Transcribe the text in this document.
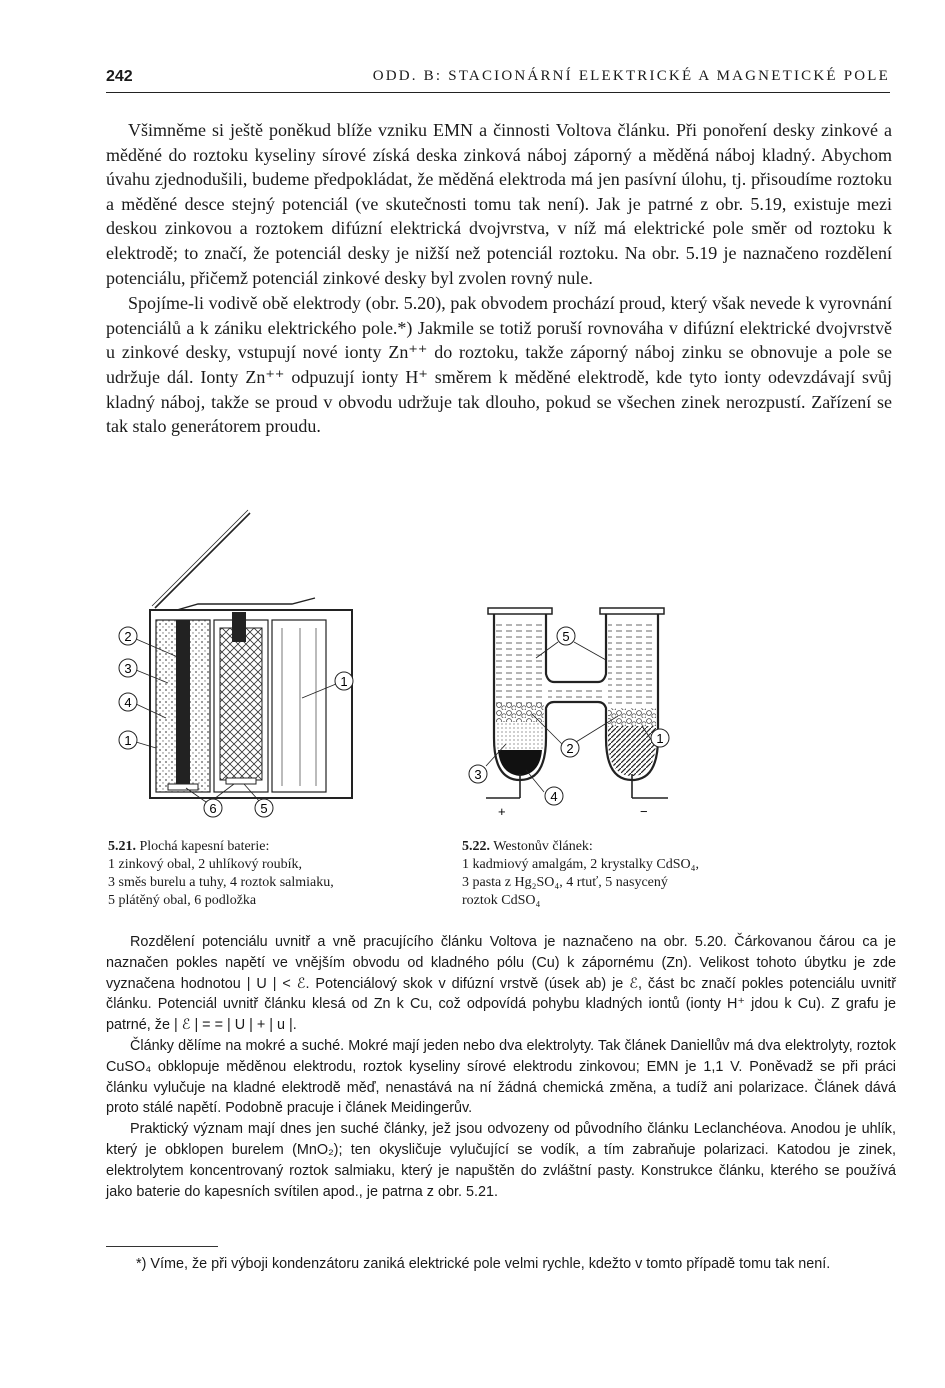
242	ODD. B: STACIONÁRNÍ ELEKTRICKÉ A MAGNETICKÉ POLE

Všimněme si ještě poněkud blíže vzniku EMN a činnosti Voltova článku. Při ponoření desky zinkové a měděné do roztoku kyseliny sírové získá deska zinková náboj záporný a měděná náboj kladný. Abychom úvahu zjednodušili, budeme předpokládat, že měděná elektroda má jen pasívní úlohu, tj. přisoudíme roztoku a měděné desce stejný potenciál (ve skutečnosti tomu tak není). Jak je patrné z obr. 5.19, existuje mezi deskou zinkovou a roztokem difúzní elektrická dvojvrstva, v níž má elektrické pole směr od roztoku k elektrodě; to značí, že potenciál desky je nižší než potenciál roztoku. Na obr. 5.19 je naznačeno rozdělení potenciálu, přičemž potenciál zinkové desky byl zvolen rovný nule.

Spojíme-li vodivě obě elektrody (obr. 5.20), pak obvodem prochází proud, který však nevede k vyrovnání potenciálů a k zániku elektrického pole.*) Jakmile se totiž poruší rovnováha v difúzní elektrické dvojvrstvě u zinkové desky, vstupují nové ionty Zn⁺⁺ do roztoku, takže záporný náboj zinku se obnovuje a pole se udržuje dál. Ionty Zn⁺⁺ odpuzují ionty H⁺ směrem k měděné elektrodě, kde tyto ionty odevzdávají svůj kladný náboj, takže se proud v obvodu udržuje tak dlouho, pokud se všechen zinek nerozpustí. Zařízení se tak stalo generátorem proudu.

2
3
4
1
1
6	5	+	−
5
2
1
3
4
5.21. Plochá kapesní baterie:
1 zinkový obal, 2 uhlíkový roubík,
3 směs burelu a tuhy, 4 roztok salmiaku,
5 plátěný obal, 6 podložka
5.22. Westonův článek:
1 kadmiový amalgám, 2 krystalky CdSO₄,
3 pasta z Hg₂SO₄, 4 rtuť, 5 nasycený
roztok CdSO₄

Rozdělení potenciálu uvnitř a vně pracujícího článku Voltova je naznačeno na obr. 5.20. Čárkovanou čárou ca je naznačen pokles napětí ve vnějším obvodu od kladného pólu (Cu) k zápornému (Zn). Velikost tohoto úbytku je zde vyznačena hodnotou | U | < ℰ. Potenciálový skok v difúzní vrstvě (úsek ab) je ℰ, část bc značí pokles potenciálu uvnitř článku. Potenciál uvnitř článku klesá od Zn k Cu, což odpovídá pohybu kladných iontů (ionty H⁺ jdou k Cu). Z grafu je patrné, že | ℰ | = = | U | + | u |.

Články dělíme na mokré a suché. Mokré mají jeden nebo dva elektrolyty. Tak článek Daniellův má dva elektrolyty, roztok CuSO₄ obklopuje měděnou elektrodu, roztok kyseliny sírové elektrodu zinkovou; EMN je 1,1 V. Poněvadž se při práci článku vylučuje na kladné elektrodě měď, nenastává na ní žádná chemická změna, a tudíž ani polarizace. Článek dává proto stálé napětí. Podobně pracuje i článek Meidingerův.

Praktický význam mají dnes jen suché články, jež jsou odvozeny od původního článku Leclanchéova. Anodou je uhlík, který je obklopen burelem (MnO₂); ten okysličuje vylučující se vodík, a tím zabraňuje polarizaci. Katodou je zinek, elektrolytem koncentrovaný roztok salmiaku, který je napuštěn do zvláštní pasty. Konstrukce článku, kterého se používá jako baterie do kapesních svítilen apod., je patrna z obr. 5.21.

*) Víme, že při výboji kondenzátoru zaniká elektrické pole velmi rychle, kdežto v tomto případě tomu tak není.
